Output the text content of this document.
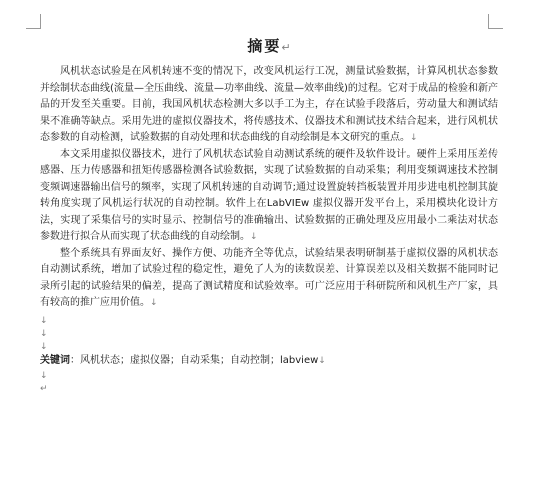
摘要↵

风机状态试验是在风机转速不变的情况下，改变风机运行工况，测量试验数据，计算风机状态参数并绘制状态曲线(流量—全压曲线、流量—功率曲线、流量—效率曲线)的过程。它对于成品的检验和新产品的开发至关重要。目前，我国风机状态检测大多以手工为主，存在试验手段落后，劳动量大和测试结果不准确等缺点。采用先进的虚拟仪器技术，将传感技术、仪器技术和测试技术结合起来，进行风机状态参数的自动检测，试验数据的自动处理和状态曲线的自动绘制是本文研究的重点。↓

本文采用虚拟仪器技术，进行了风机状态试验自动测试系统的硬件及软件设计。硬件上采用压差传感器、压力传感器和扭矩传感器检测各试验数据，实现了试验数据的自动采集；利用变频调速技术控制变频调速器输出信号的频率，实现了风机转速的自动调节;通过设置旋转挡板装置并用步进电机控制其旋转角度实现了风机运行状况的自动控制。软件上在LabVIEw 虚拟仪器开发平台上，采用模块化设计方法，实现了采集信号的实时显示、控制信号的准确输出、试验数据的正确处理及应用最小二乘法对状态参数进行拟合从而实现了状态曲线的自动绘制。↓

整个系统具有界面友好、操作方便、功能齐全等优点，试验结果表明研制基于虚拟仪器的风机状态自动测试系统，增加了试验过程的稳定性，避免了人为的读数误差、计算误差以及相关数据不能同时记录所引起的试验结果的偏差，提高了测试精度和试验效率。可广泛应用于科研院所和风机生产厂家，具有较高的推广应用价值。↓

↓

↓

↓

关键词：风机状态；虚拟仪器；自动采集；自动控制；labview↓

↓

↵
